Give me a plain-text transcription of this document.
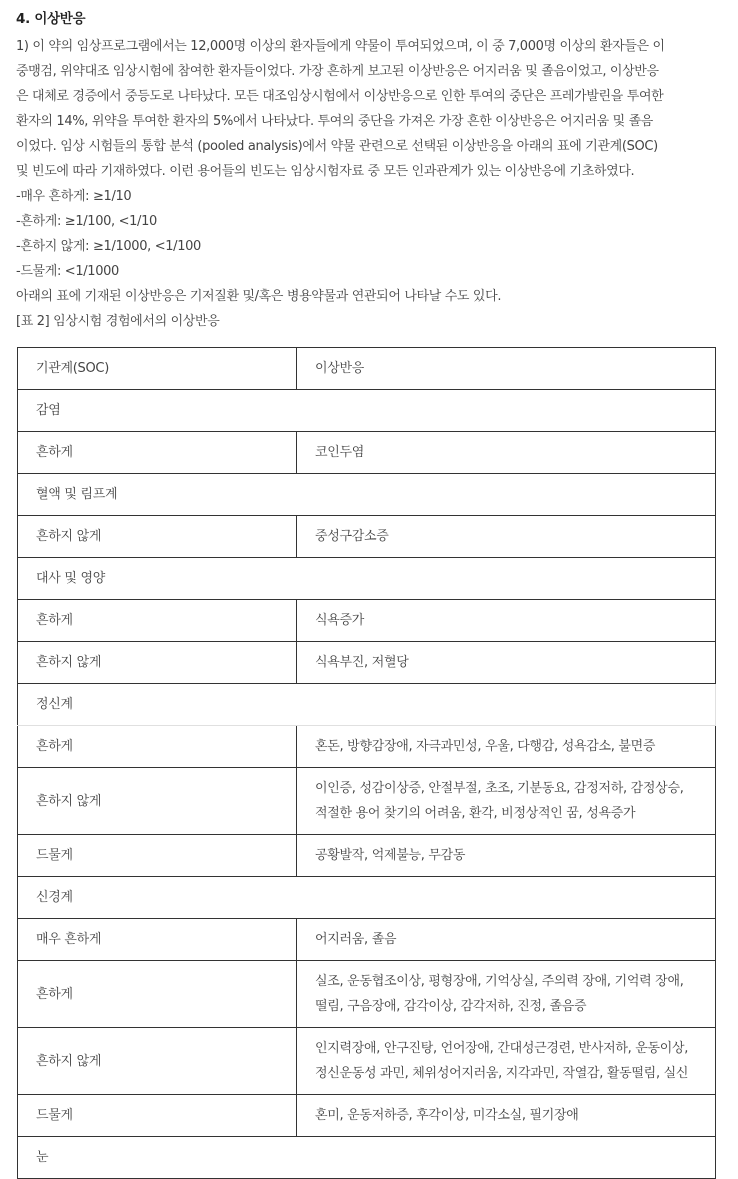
4. 이상반응
1) 이 약의 임상프로그램에서는 12,000명 이상의 환자들에게 약물이 투여되었으며, 이 중 7,000명 이상의 환자들은 이
중맹검, 위약대조 임상시험에 참여한 환자들이었다. 가장 흔하게 보고된 이상반응은 어지러움 및 졸음이었고, 이상반응
은 대체로 경증에서 중등도로 나타났다. 모든 대조임상시험에서 이상반응으로 인한 투여의 중단은 프레가발린을 투여한
환자의 14%, 위약을 투여한 환자의 5%에서 나타났다. 투여의 중단을 가져온 가장 흔한 이상반응은 어지러움 및 졸음
이었다. 임상 시험들의 통합 분석 (pooled analysis)에서 약물 관련으로 선택된 이상반응을 아래의 표에 기관계(SOC)
및 빈도에 따라 기재하였다. 이런 용어들의 빈도는 임상시험자료 중 모든 인과관계가 있는 이상반응에 기초하였다.
-매우 흔하게: ≥1/10
-흔하게: ≥1/100, <1/10
-흔하지 않게: ≥1/1000, <1/100
-드물게: <1/1000
아래의 표에 기재된 이상반응은 기저질환 및/혹은 병용약물과 연관되어 나타날 수도 있다.
[표 2] 임상시험 경험에서의 이상반응
기관계(SOC)	이상반응
감염	
흔하게	코인두염
혈액 및 림프계	
흔하지 않게	중성구감소증
대사 및 영양	
흔하게	식욕증가
흔하지 않게	식욕부진, 저혈당
정신계	
흔하게	혼돈, 방향감장애, 자극과민성, 우울, 다행감, 성욕감소, 불면증
흔하지 않게	이인증, 성감이상증, 안절부절, 초조, 기분동요, 감정저하, 감정상승, 적절한 용어 찾기의 어려움, 환각, 비정상적인 꿈, 성욕증가
드물게	공황발작, 억제불능, 무감동
신경계	
매우 흔하게	어지러움, 졸음
흔하게	실조, 운동협조이상, 평형장애, 기억상실, 주의력 장애, 기억력 장애, 떨림, 구음장애, 감각이상, 감각저하, 진정, 졸음증
흔하지 않게	인지력장애, 안구진탕, 언어장애, 간대성근경련, 반사저하, 운동이상, 정신운동성 과민, 체위성어지러움, 지각과민, 작열감, 활동떨림, 실신
드물게	혼미, 운동저하증, 후각이상, 미각소실, 필기장애
눈	
